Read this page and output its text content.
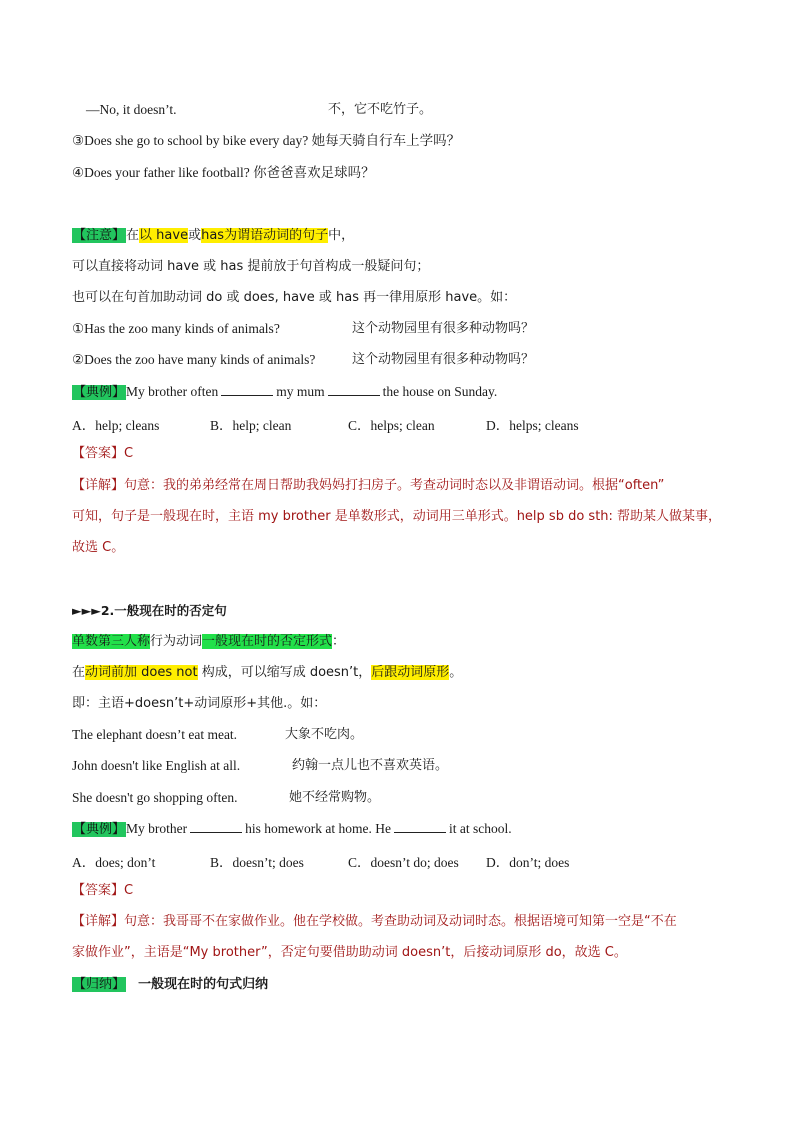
—No, it doesn’t.	不，它不吃竹子。
③Does she go to school by bike every day? 她每天骑自行车上学吗？
④Does your father like football? 你爸爸喜欢足球吗？
【注意】在以 have或has为谓语动词的句子中，
可以直接将动词 have 或 has 提前放于句首构成一般疑问句；
也可以在句首加助动词 do 或 does, have 或 has 再一律用原形 have。如：
①Has the zoo many kinds of animals?	这个动物园里有很多种动物吗？
②Does the zoo have many kinds of animals?	这个动物园里有很多种动物吗？
【典例】My brother often	my mum	the house on Sunday.
A．help; cleans	B．help; clean	C．helps; clean	D．helps; cleans
【答案】C
【详解】句意：我的弟弟经常在周日帮助我妈妈打扫房子。考查动词时态以及非谓语动词。根据“often”
可知，句子是一般现在时，主语 my brother 是单数形式，动词用三单形式。help sb do sth: 帮助某人做某事，
故选 C。
►►►2.一般现在时的否定句
单数第三人称行为动词一般现在时的否定形式：
在动词前加 does not 构成，可以缩写成 doesn’t，后跟动词原形。
即：主语+doesn’t+动词原形+其他.。如：
The elephant doesn’t eat meat.	大象不吃肉。
John doesn't like English at all.	约翰一点儿也不喜欢英语。
She doesn't go shopping often.	她不经常购物。
【典例】My brother	his homework at home. He	it at school.
A．does; don’t	B．doesn’t; does	C．doesn’t do; does D．don’t; does
【答案】C
【详解】句意：我哥哥不在家做作业。他在学校做。考查助动词及动词时态。根据语境可知第一空是“不在
家做作业”，主语是“My brother”，否定句要借助助动词 doesn’t，后接动词原形 do，故选 C。
【归纳】 一般现在时的句式归纳
